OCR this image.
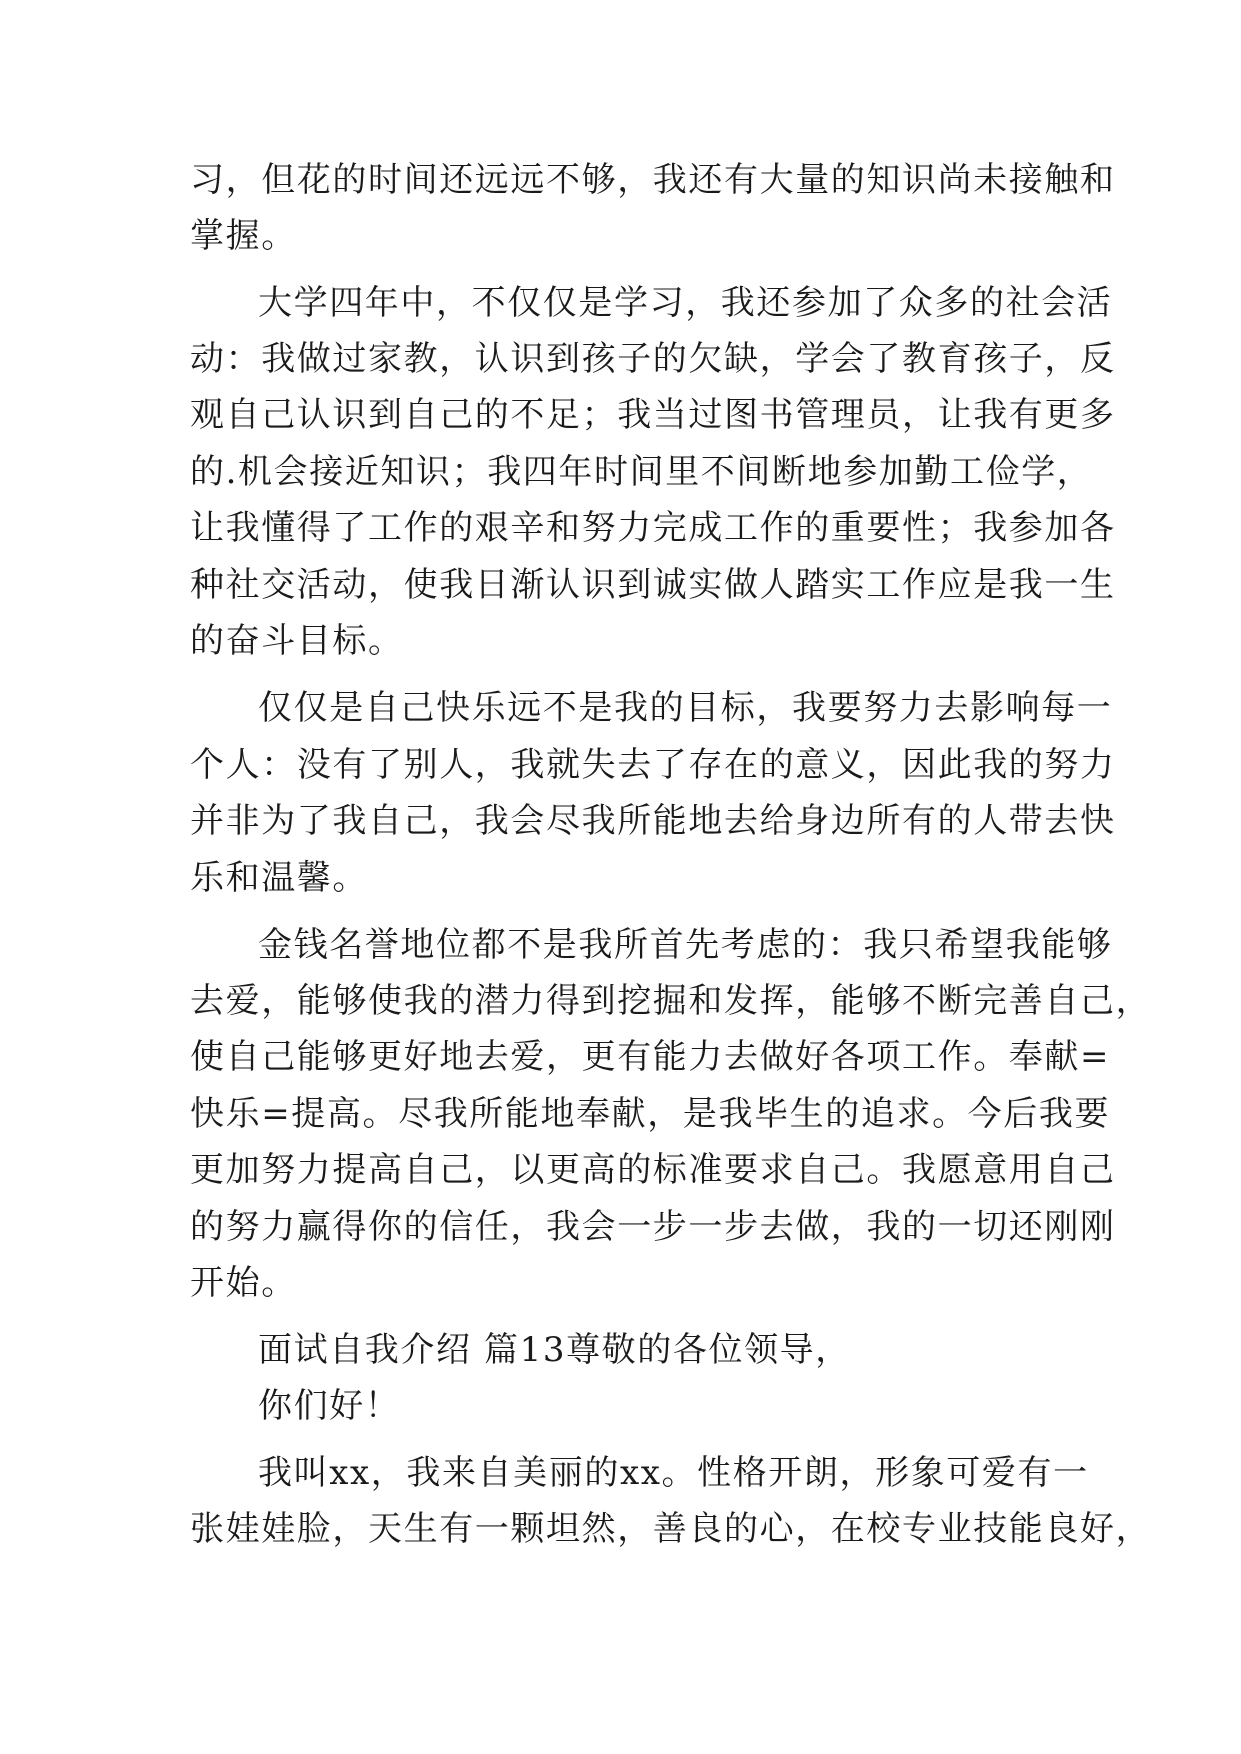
习，但花的时间还远远不够，我还有大量的知识尚未接触和

掌握。

大学四年中，不仅仅是学习，我还参加了众多的社会活

动：我做过家教，认识到孩子的欠缺，学会了教育孩子，反

观自己认识到自己的不足；我当过图书管理员，让我有更多

的.机会接近知识；我四年时间里不间断地参加勤工俭学，

让我懂得了工作的艰辛和努力完成工作的重要性；我参加各

种社交活动，使我日渐认识到诚实做人踏实工作应是我一生

的奋斗目标。

仅仅是自己快乐远不是我的目标，我要努力去影响每一

个人：没有了别人，我就失去了存在的意义，因此我的努力

并非为了我自己，我会尽我所能地去给身边所有的人带去快

乐和温馨。

金钱名誉地位都不是我所首先考虑的：我只希望我能够

去爱，能够使我的潜力得到挖掘和发挥，能够不断完善自己，

使自己能够更好地去爱，更有能力去做好各项工作。奉献=

快乐=提高。尽我所能地奉献，是我毕生的追求。今后我要

更加努力提高自己，以更高的标准要求自己。我愿意用自己

的努力赢得你的信任，我会一步一步去做，我的一切还刚刚

开始。

面试自我介绍 篇13尊敬的各位领导，

你们好！

我叫xx，我来自美丽的xx。性格开朗，形象可爱有一

张娃娃脸，天生有一颗坦然，善良的心，在校专业技能良好，
